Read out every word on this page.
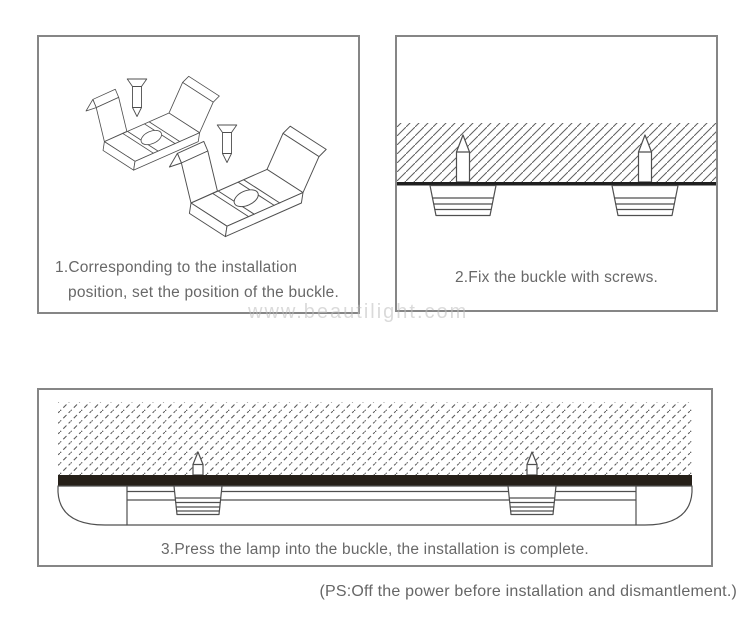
1.Corresponding to the installation
position, set the position of the buckle.
2.Fix the buckle with screws.
www.beautilight.com
3.Press the lamp into the buckle, the installation is complete.
(PS:Off the power before installation and dismantlement.)
